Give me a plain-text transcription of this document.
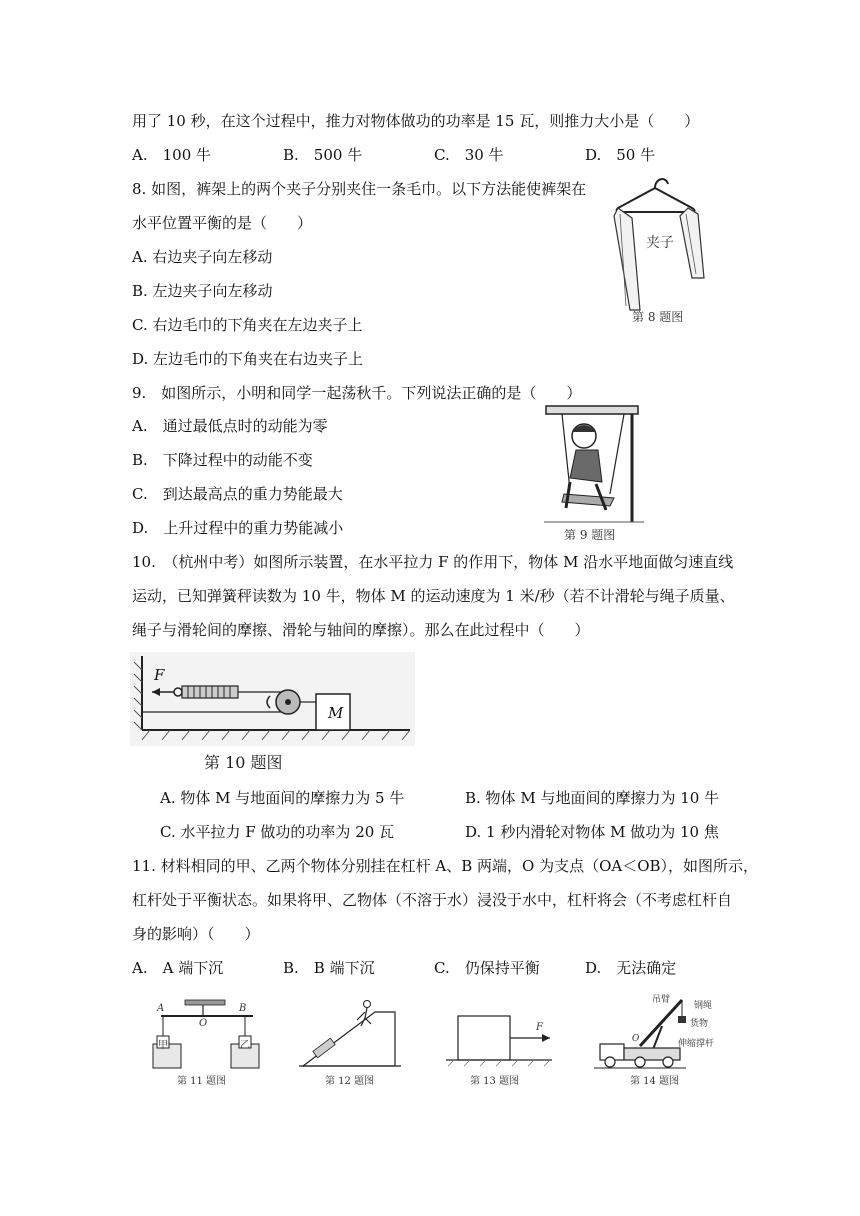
用了 10 秒，在这个过程中，推力对物体做功的功率是 15 瓦，则推力大小是（　　）
A.　100 牛	B.　500 牛	C.　30 牛	D.　50 牛
8. 如图，裤架上的两个夹子分别夹住一条毛巾。以下方法能使裤架在
水平位置平衡的是（　　）
A. 右边夹子向左移动
B. 左边夹子向左移动
C. 右边毛巾的下角夹在左边夹子上
D. 左边毛巾的下角夹在右边夹子上
夹子
第 8 题图
9.　如图所示，小明和同学一起荡秋千。下列说法正确的是（　　）
A.　通过最低点时的动能为零
B.　下降过程中的动能不变
C.　到达最高点的重力势能最大
D.　上升过程中的重力势能减小	第 9 题图
10.　（杭州中考）如图所示装置，在水平拉力 F 的作用下，物体 M 沿水平地面做匀速直线
运动，已知弹簧秤读数为 10 牛，物体 M 的运动速度为 1 米/秒（若不计滑轮与绳子质量、
绳子与滑轮间的摩擦、滑轮与轴间的摩擦）。那么在此过程中（　　）
F
M
第 10 题图
A. 物体 M 与地面间的摩擦力为 5 牛	B. 物体 M 与地面间的摩擦力为 10 牛
C. 水平拉力 F 做功的功率为 20 瓦	D. 1 秒内滑轮对物体 M 做功为 10 焦
11. 材料相同的甲、乙两个物体分别挂在杠杆 A、B 两端，O 为支点（OA＜OB），如图所示，
杠杆处于平衡状态。如果将甲、乙物体（不溶于水）浸没于水中，杠杆将会（不考虑杠杆自
身的影响）（　　）
A.　A 端下沉	B.　B 端下沉	C.　仍保持平衡	D.　无法确定
A	B
O
甲	乙
第 11 题图	第 12 题图
F
第 13 题图
吊臂
钢绳
货物
伸缩撑杆
O
第 14 题图
